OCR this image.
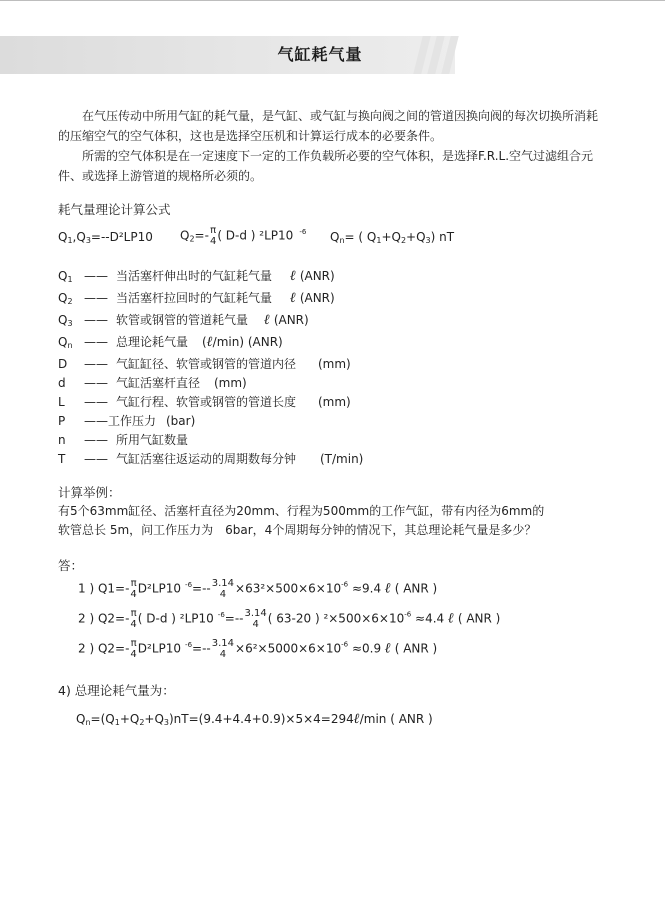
气缸耗气量
在气压传动中所用气缸的耗气量，是气缸、或气缸与换向阀之间的管道因换向阀的每次切换所消耗的压缩空气的空气体积，这也是选择空压机和计算运行成本的必要条件。
所需的空气体积是在一定速度下一定的工作负载所必要的空气体积，是选择F.R.L.空气过滤组合元件、或选择上游管道的规格所必须的。
耗气量理论计算公式
$Q_1,Q_3=--D^2LP10$ $Q_2=-$ π
4 ( D-d ) ²LP10 $^{-6}$ $Q_n=$ ( $Q_1+Q_2+Q_3$) nT
$Q_1$ —— 当活塞杆伸出时的气缸耗气量 ℓ (ANR)
$Q_2$ —— 当活塞杆拉回时的气缸耗气量 ℓ (ANR)
$Q_3$ —— 软管或钢管的管道耗气量 ℓ (ANR)
$Q_n$ —— 总理论耗气量 (ℓ/min) (ANR)
D —— 气缸缸径、软管或钢管的管道内径 (mm)
d —— 气缸活塞杆直径 (mm)
L —— 气缸行程、软管或钢管的管道长度 (mm)
P ——工作压力 (bar)
n —— 所用气缸数量
T —— 气缸活塞往返运动的周期数每分钟 (T/min)
计算举例：
有5个63mm缸径、活塞杆直径为20mm、行程为500mm的工作气缸，带有内径为6mm的
软管总长 5m，问工作压力为　6bar，4个周期每分钟的情况下，其总理论耗气量是多少？
答：
1 ) Q1=- π
4 D²LP10 $^{-6}$=-- 3.14
$4 \times 63^2\times 500\times 6\times 10^{-6} \approx 9.4$ ℓ ( ANR )
2 ) Q2=- π
4 ( D-d ) ²LP10 $^{-6}$=-- 3.14
4 ( 63-20 ) $^2\times 500\times 6\times 10^{-6} \approx 4.4$ ℓ ( ANR )
2 ) Q2=- π
4 D²LP10 $^{-6}$=-- 3.14
$4 \times 6^2\times 5000\times 6\times 10^{-6} \approx 0.9$ ℓ ( ANR )
4) 总理论耗气量为：
$Q_n=(Q_1+Q_2+Q_3)nT=(9.4+4.4+0.9)\times 5\times 4=294\ell/\min$ ( ANR )
